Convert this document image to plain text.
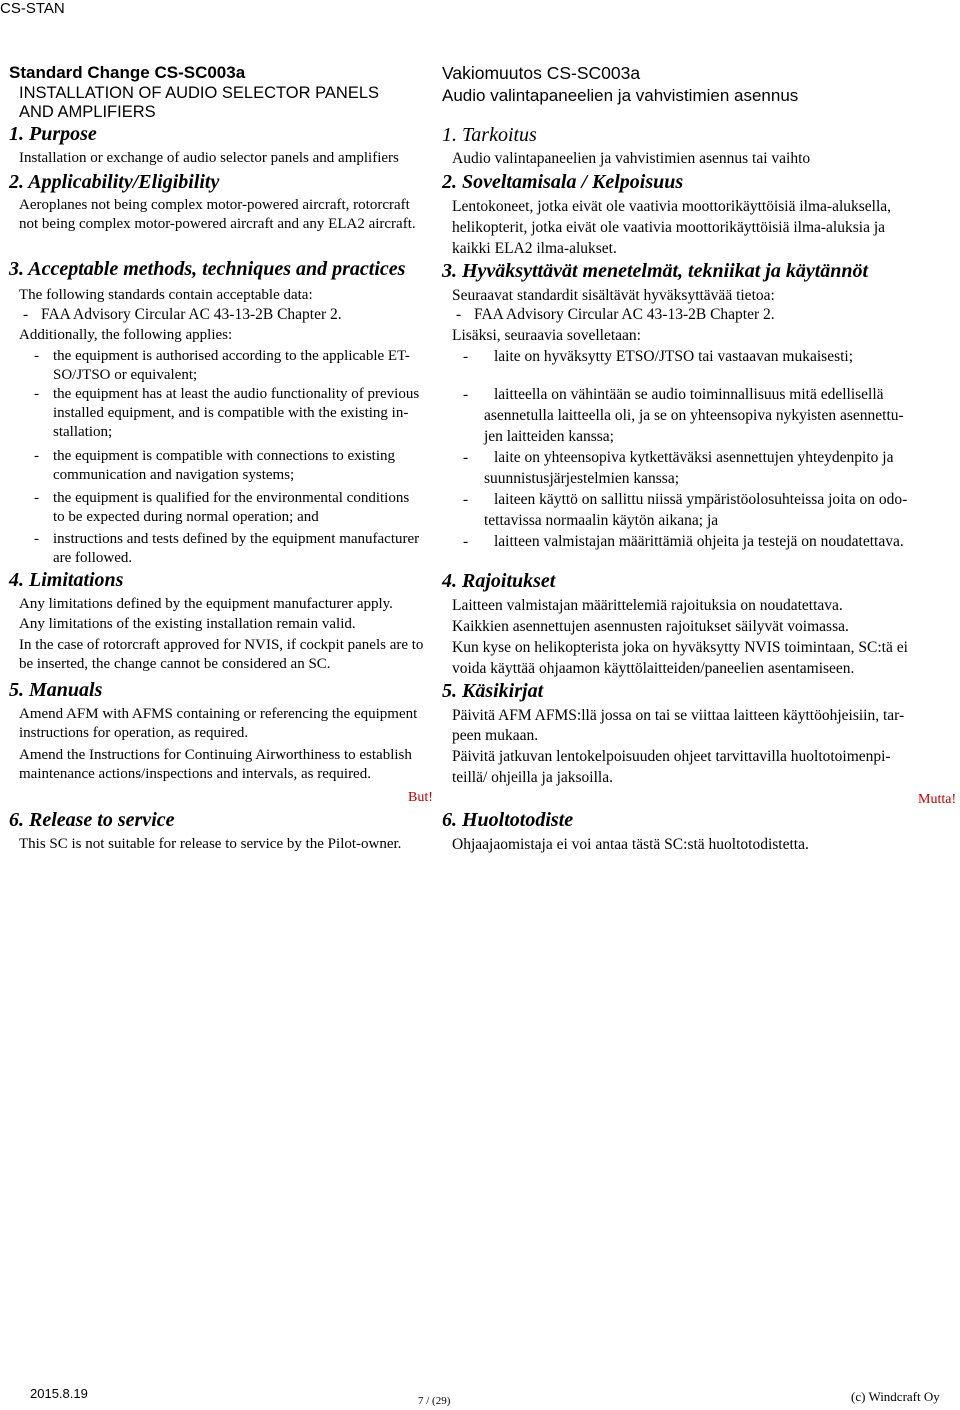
CS-STAN
Standard Change CS-SC003a
INSTALLATION OF AUDIO SELECTOR PANELS
AND AMPLIFIERS
1. Purpose
Installation or exchange of audio selector panels and amplifiers
2. Applicability/Eligibility
Aeroplanes not being complex motor-powered aircraft, rotorcraft
not being complex motor-powered aircraft and any ELA2 aircraft.
3. Acceptable methods, techniques and practices
The following standards contain acceptable data:
- FAA Advisory Circular AC 43-13-2B Chapter 2.
Additionally, the following applies:
- the equipment is authorised according to the applicable ET-
SO/JTSO or equivalent;
- the equipment has at least the audio functionality of previous
installed equipment, and is compatible with the existing in-
stallation;
- the equipment is compatible with connections to existing
communication and navigation systems;
- the equipment is qualified for the environmental conditions
to be expected during normal operation; and
- instructions and tests defined by the equipment manufacturer
are followed.
4. Limitations
Any limitations defined by the equipment manufacturer apply.
Any limitations of the existing installation remain valid.
In the case of rotorcraft approved for NVIS, if cockpit panels are to
be inserted, the change cannot be considered an SC.
5. Manuals
Amend AFM with AFMS containing or referencing the equipment
instructions for operation, as required.
Amend the Instructions for Continuing Airworthiness to establish
maintenance actions/inspections and intervals, as required.
But!
6. Release to service
This SC is not suitable for release to service by the Pilot-owner.
Vakiomuutos CS-SC003a
Audio valintapaneelien ja vahvistimien asennus
1. Tarkoitus
Audio valintapaneelien ja vahvistimien asennus tai vaihto
2. Soveltamisala / Kelpoisuus
Lentokoneet, jotka eivät ole vaativia moottorikäyttöisiä ilma-aluksella,
helikopterit, jotka eivät ole vaativia moottorikäyttöisiä ilma-aluksia ja
kaikki ELA2 ilma-alukset.
3. Hyväksyttävät menetelmät, tekniikat ja käytännöt
Seuraavat standardit sisältävät hyväksyttävää tietoa:
- FAA Advisory Circular AC 43-13-2B Chapter 2.
Lisäksi, seuraavia sovelletaan:
- laite on hyväksytty ETSO/JTSO tai vastaavan mukaisesti;
- laitteella on vähintään se audio toiminnallisuus mitä edellisellä
asennetulla laitteella oli, ja se on yhteensopiva nykyisten asennettu-
jen laitteiden kanssa;
- laite on yhteensopiva kytkettäväksi asennettujen yhteydenpito ja
suunnistusjärjestelmien kanssa;
- laiteen käyttö on sallittu niissä ympäristöolosuhteissa joita on odo-
tettavissa normaalin käytön aikana; ja
- laitteen valmistajan määrittämiä ohjeita ja testejä on noudatettava.
4. Rajoitukset
Laitteen valmistajan määrittelemiä rajoituksia on noudatettava.
Kaikkien asennettujen asennusten rajoitukset säilyvät voimassa.
Kun kyse on helikopterista joka on hyväksytty NVIS toimintaan, SC:tä ei
voida käyttää ohjaamon käyttölaitteiden/paneelien asentamiseen.
5. Käsikirjat
Päivitä AFM AFMS:llä jossa on tai se viittaa laitteen käyttöohjeisiin, tar-
peen mukaan.
Päivitä jatkuvan lentokelpoisuuden ohjeet tarvittavilla huoltotoimenpi-
teillä/ ohjeilla ja jaksoilla.
Mutta!
6. Huoltotodiste
Ohjaajaomistaja ei voi antaa tästä SC:stä huoltotodistetta.
2015.8.19	7 / (29)	(c) Windcraft Oy
